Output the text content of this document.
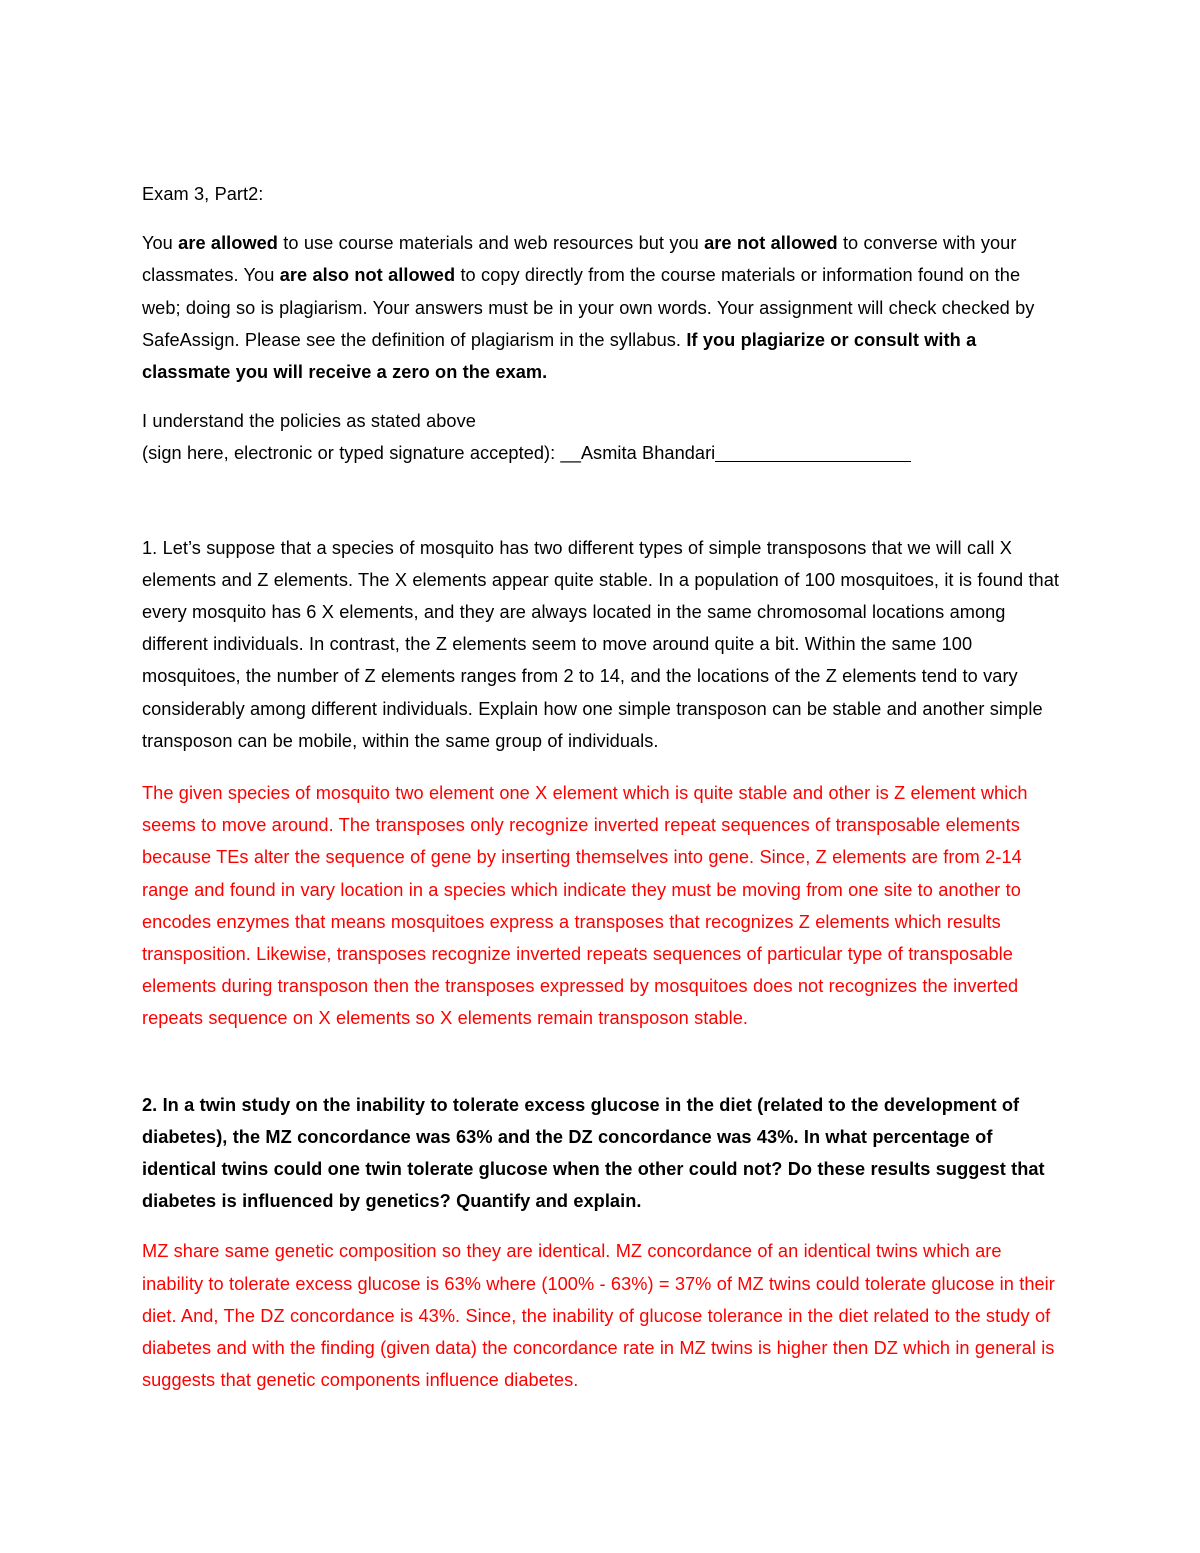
Exam 3, Part2:

You are allowed to use course materials and web resources but you are not allowed to converse with your classmates. You are also not allowed to copy directly from the course materials or information found on the web; doing so is plagiarism. Your answers must be in your own words. Your assignment will check checked by SafeAssign. Please see the definition of plagiarism in the syllabus. If you plagiarize or consult with a classmate you will receive a zero on the exam.

I understand the policies as stated above

(sign here, electronic or typed signature accepted): __Asmita Bhandari

1. Let’s suppose that a species of mosquito has two different types of simple transposons that we will call X elements and Z elements. The X elements appear quite stable. In a population of 100 mosquitoes, it is found that every mosquito has 6 X elements, and they are always located in the same chromosomal locations among different individuals. In contrast, the Z elements seem to move around quite a bit. Within the same 100 mosquitoes, the number of Z elements ranges from 2 to 14, and the locations of the Z elements tend to vary considerably among different individuals. Explain how one simple transposon can be stable and another simple transposon can be mobile, within the same group of individuals.

The given species of mosquito two element one X element which is quite stable and other is Z element which seems to move around. The transposes only recognize inverted repeat sequences of transposable elements because TEs alter the sequence of gene by inserting themselves into gene. Since, Z elements are from 2-14 range and found in vary location in a species which indicate they must be moving from one site to another to encodes enzymes that means mosquitoes express a transposes that recognizes Z elements which results transposition. Likewise, transposes recognize inverted repeats sequences of particular type of transposable elements during transposon then the transposes expressed by mosquitoes does not recognizes the inverted repeats sequence on X elements so X elements remain transposon stable.

2. In a twin study on the inability to tolerate excess glucose in the diet (related to the development of diabetes), the MZ concordance was 63% and the DZ concordance was 43%. In what percentage of identical twins could one twin tolerate glucose when the other could not? Do these results suggest that diabetes is influenced by genetics? Quantify and explain.

MZ share same genetic composition so they are identical. MZ concordance of an identical twins which are inability to tolerate excess glucose is 63% where (100% - 63%) = 37% of MZ twins could tolerate glucose in their diet. And, The DZ concordance is 43%. Since, the inability of glucose tolerance in the diet related to the study of diabetes and with the finding (given data) the concordance rate in MZ twins is higher then DZ which in general is suggests that genetic components influence diabetes.
